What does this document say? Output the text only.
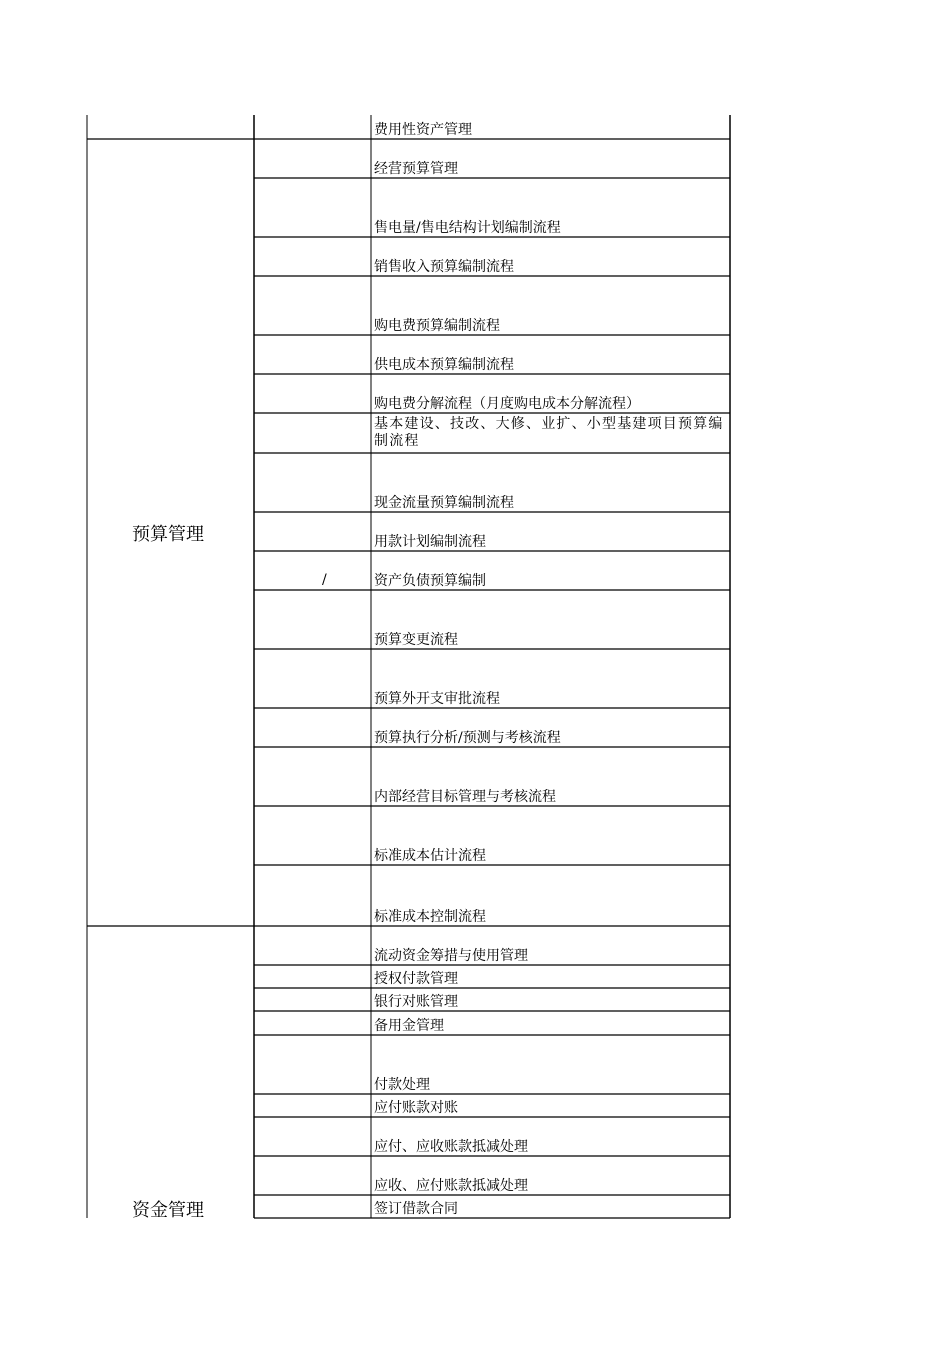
预算管理
资金管理
/
费用性资产管理
经营预算管理
售电量/售电结构计划编制流程
销售收入预算编制流程
购电费预算编制流程
供电成本预算编制流程
购电费分解流程（月度购电成本分解流程）
基本建设、技改、大修、业扩、小型基建项目预算编制流程
现金流量预算编制流程
用款计划编制流程
资产负债预算编制
预算变更流程
预算外开支审批流程
预算执行分析/预测与考核流程
内部经营目标管理与考核流程
标准成本估计流程
标准成本控制流程
流动资金筹措与使用管理
授权付款管理
银行对账管理
备用金管理
付款处理
应付账款对账
应付、应收账款抵减处理
应收、应付账款抵减处理
签订借款合同
